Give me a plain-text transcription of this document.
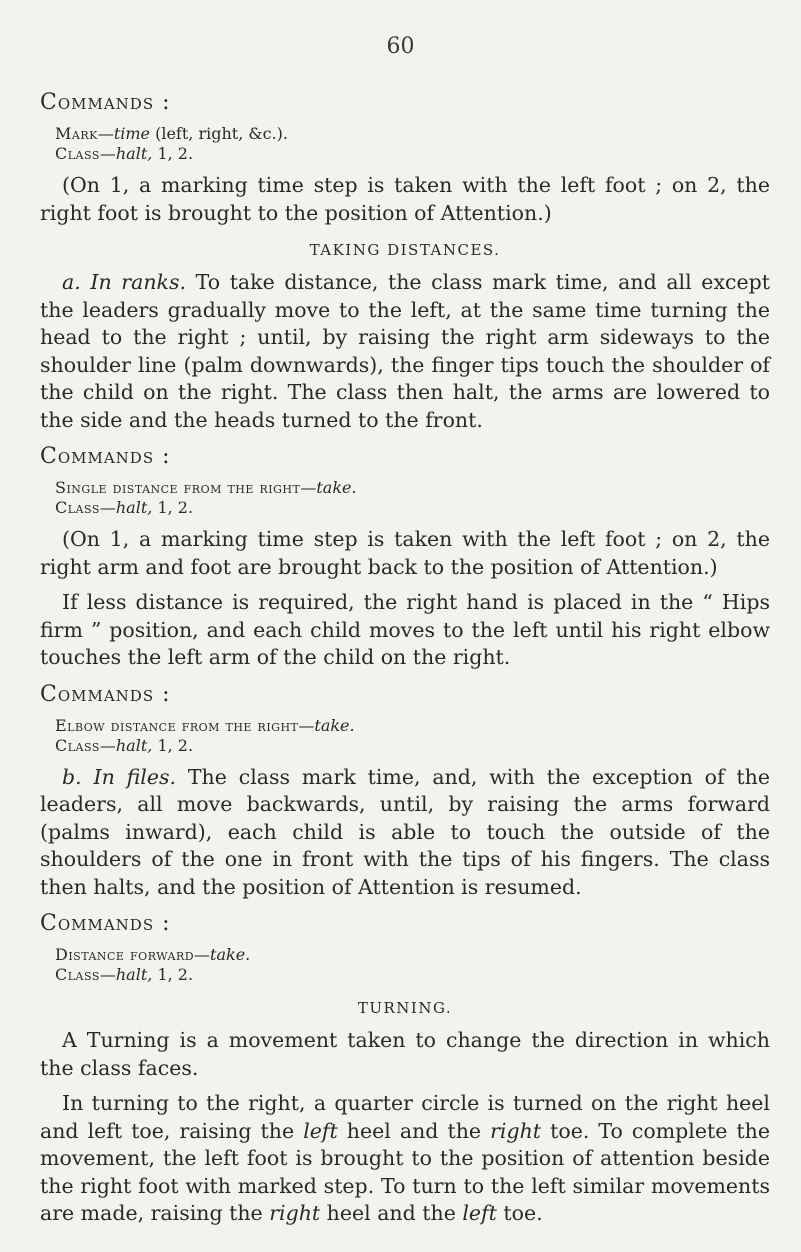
60
Commands :
Mark—time (left, right, &c.).
Class—halt, 1, 2.

(On 1, a marking time step is taken with the left foot ; on 2, the right foot is brought to the position of Attention.)

TAKING DISTANCES.

a. In ranks. To take distance, the class mark time, and all except the leaders gradually move to the left, at the same time turning the head to the right ; until, by raising the right arm sideways to the shoulder line (palm downwards), the finger tips touch the shoulder of the child on the right. The class then halt, the arms are lowered to the side and the heads turned to the front.

Commands :
Single distance from the right—take.
Class—halt, 1, 2.

(On 1, a marking time step is taken with the left foot ; on 2, the right arm and foot are brought back to the position of Attention.)

If less distance is required, the right hand is placed in the “ Hips firm ” position, and each child moves to the left until his right elbow touches the left arm of the child on the right.

Commands :
Elbow distance from the right—take.
Class—halt, 1, 2.

b. In files. The class mark time, and, with the exception of the leaders, all move backwards, until, by raising the arms forward (palms inward), each child is able to touch the outside of the shoulders of the one in front with the tips of his fingers. The class then halts, and the position of Attention is resumed.

Commands :
Distance forward—take.
Class—halt, 1, 2.
TURNING.

A Turning is a movement taken to change the direction in which the class faces.

In turning to the right, a quarter circle is turned on the right heel and left toe, raising the left heel and the right toe. To complete the movement, the left foot is brought to the position of attention beside the right foot with marked step. To turn to the left similar movements are made, raising the right heel and the left toe.
